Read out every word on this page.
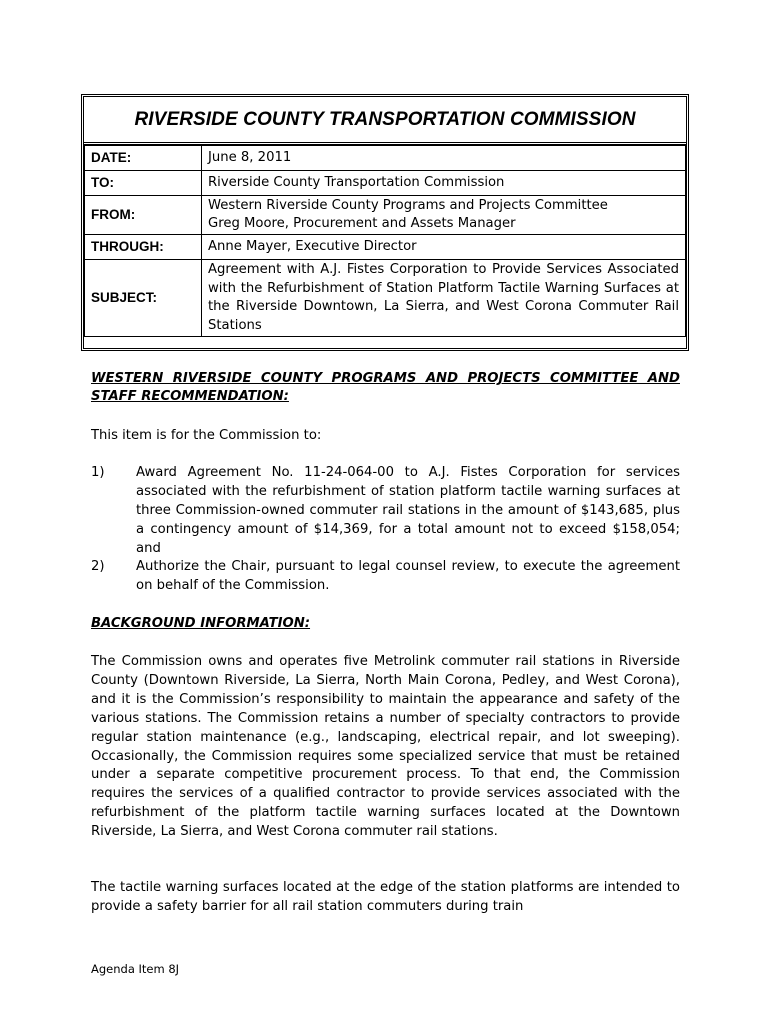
RIVERSIDE COUNTY TRANSPORTATION COMMISSION
DATE:	June 8, 2011
TO:	Riverside County Transportation Commission
FROM:	Western Riverside County Programs and Projects Committee

Greg Moore, Procurement and Assets Manager

THROUGH:	Anne Mayer, Executive Director
SUBJECT:	Agreement with A.J. Fistes Corporation to Provide Services Associated with the Refurbishment of Station Platform Tactile Warning Surfaces at the Riverside Downtown, La Sierra, and West Corona Commuter Rail Stations
WESTERN RIVERSIDE COUNTY PROGRAMS AND PROJECTS COMMITTEE AND STAFF RECOMMENDATION:

This item is for the Commission to:

1) Award Agreement No. 11-24-064-00 to A.J. Fistes Corporation for services associated with the refurbishment of station platform tactile warning surfaces at three Commission-owned commuter rail stations in the amount of $143,685, plus a contingency amount of $14,369, for a total amount not to exceed $158,054; and

2) Authorize the Chair, pursuant to legal counsel review, to execute the agreement on behalf of the Commission.

BACKGROUND INFORMATION:

The Commission owns and operates five Metrolink commuter rail stations in Riverside County (Downtown Riverside, La Sierra, North Main Corona, Pedley, and West Corona), and it is the Commission’s responsibility to maintain the appearance and safety of the various stations. The Commission retains a number of specialty contractors to provide regular station maintenance (e.g., landscaping, electrical repair, and lot sweeping). Occasionally, the Commission requires some specialized service that must be retained under a separate competitive procurement process. To that end, the Commission requires the services of a qualified contractor to provide services associated with the refurbishment of the platform tactile warning surfaces located at the Downtown Riverside, La Sierra, and West Corona commuter rail stations.

The tactile warning surfaces located at the edge of the station platforms are intended to provide a safety barrier for all rail station commuters during train

Agenda Item 8J
